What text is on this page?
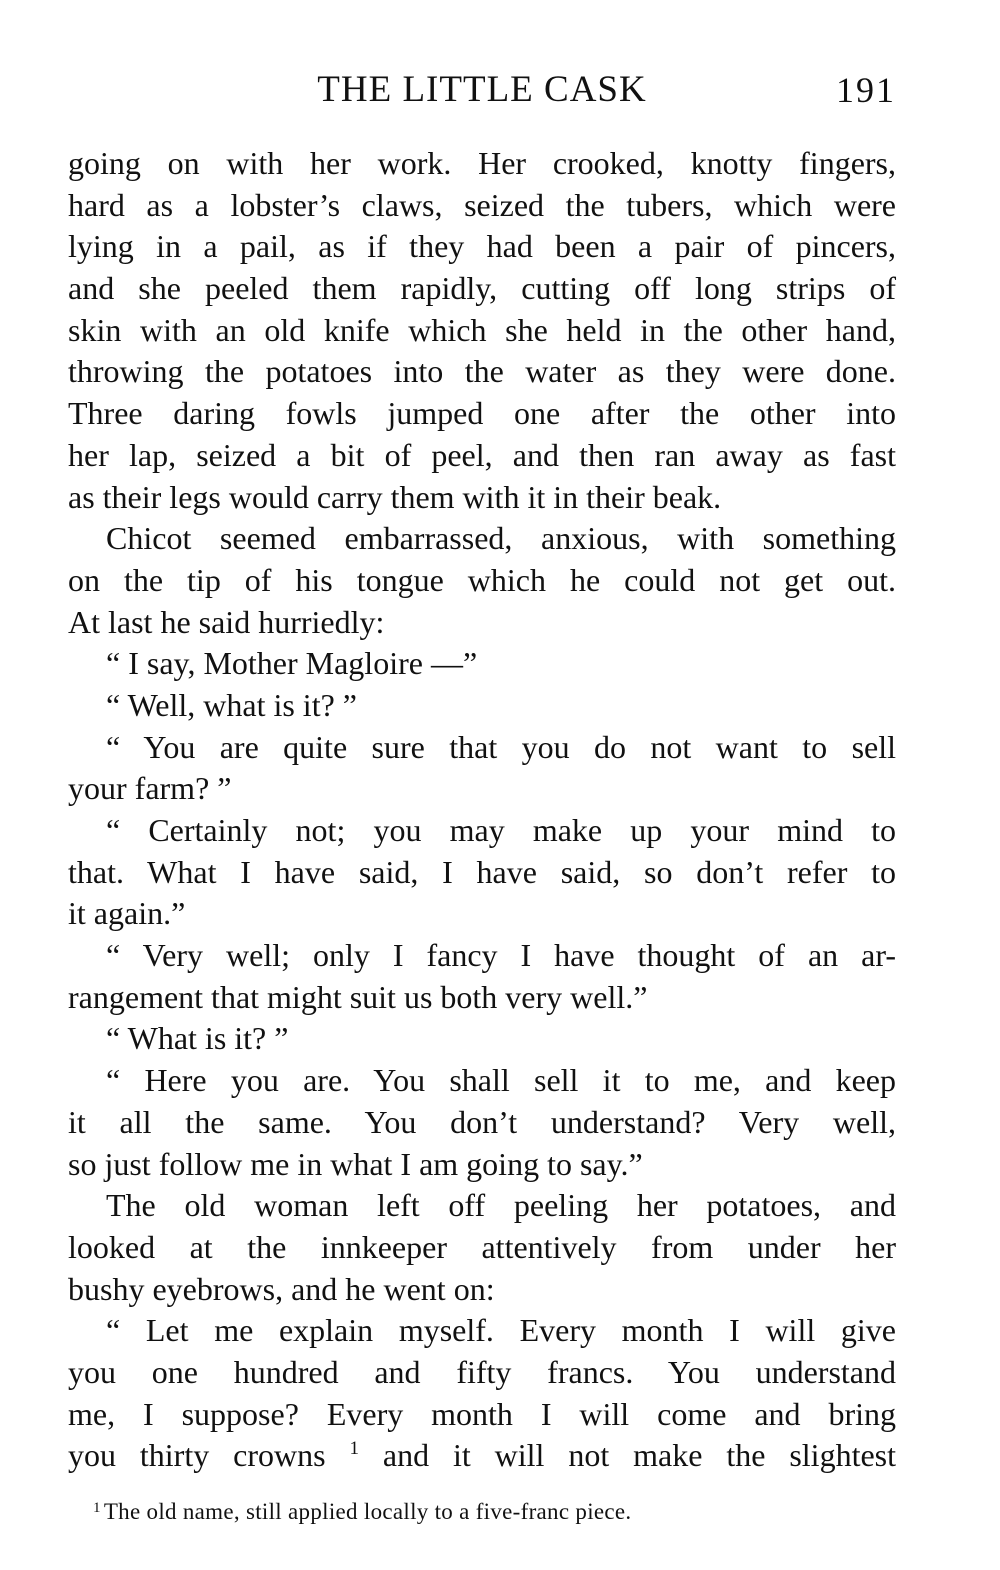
THE LITTLE CASK	191
going on with her work. Her crooked, knotty fingers,
hard as a lobster’s claws, seized the tubers, which were
lying in a pail, as if they had been a pair of pincers,
and she peeled them rapidly, cutting off long strips of
skin with an old knife which she held in the other hand,
throwing the potatoes into the water as they were done.
Three daring fowls jumped one after the other into
her lap, seized a bit of peel, and then ran away as fast
as their legs would carry them with it in their beak.
Chicot seemed embarrassed, anxious, with something
on the tip of his tongue which he could not get out.
At last he said hurriedly:
“ I say, Mother Magloire —”
“ Well, what is it? ”
“ You are quite sure that you do not want to sell
your farm? ”
“ Certainly not; you may make up your mind to
that. What I have said, I have said, so don’t refer to
it again.”
“ Very well; only I fancy I have thought of an ar-
rangement that might suit us both very well.”
“ What is it? ”
“ Here you are. You shall sell it to me, and keep
it all the same. You don’t understand? Very well,
so just follow me in what I am going to say.”
The old woman left off peeling her potatoes, and
looked at the innkeeper attentively from under her
bushy eyebrows, and he went on:
“ Let me explain myself. Every month I will give
you one hundred and fifty francs. You understand
me, I suppose? Every month I will come and bring
you thirty crowns $^1$ and it will not make the slightest
$^1$ The old name, still applied locally to a five-franc piece.
